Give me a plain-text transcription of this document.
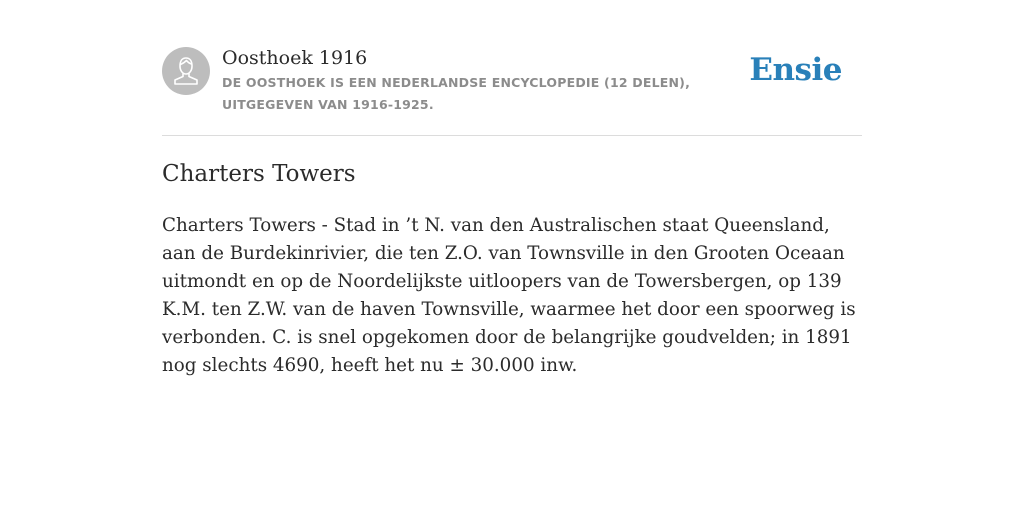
Oosthoek 1916
DE OOSTHOEK IS EEN NEDERLANDSE ENCYCLOPEDIE (12 DELEN), UITGEGEVEN VAN 1916-1925.
Ensie
Charters Towers

Charters Towers - Stad in ’t N. van den Australischen staat Queensland, aan de Burdekinrivier, die ten Z.O. van Townsville in den Grooten Oceaan uitmondt en op de Noordelijkste uitloopers van de Towersbergen, op 139 K.M. ten Z.W. van de haven Townsville, waarmee het door een spoorweg is verbonden. C. is snel opgekomen door de belangrijke goudvelden; in 1891 nog slechts 4690, heeft het nu ± 30.000 inw.
